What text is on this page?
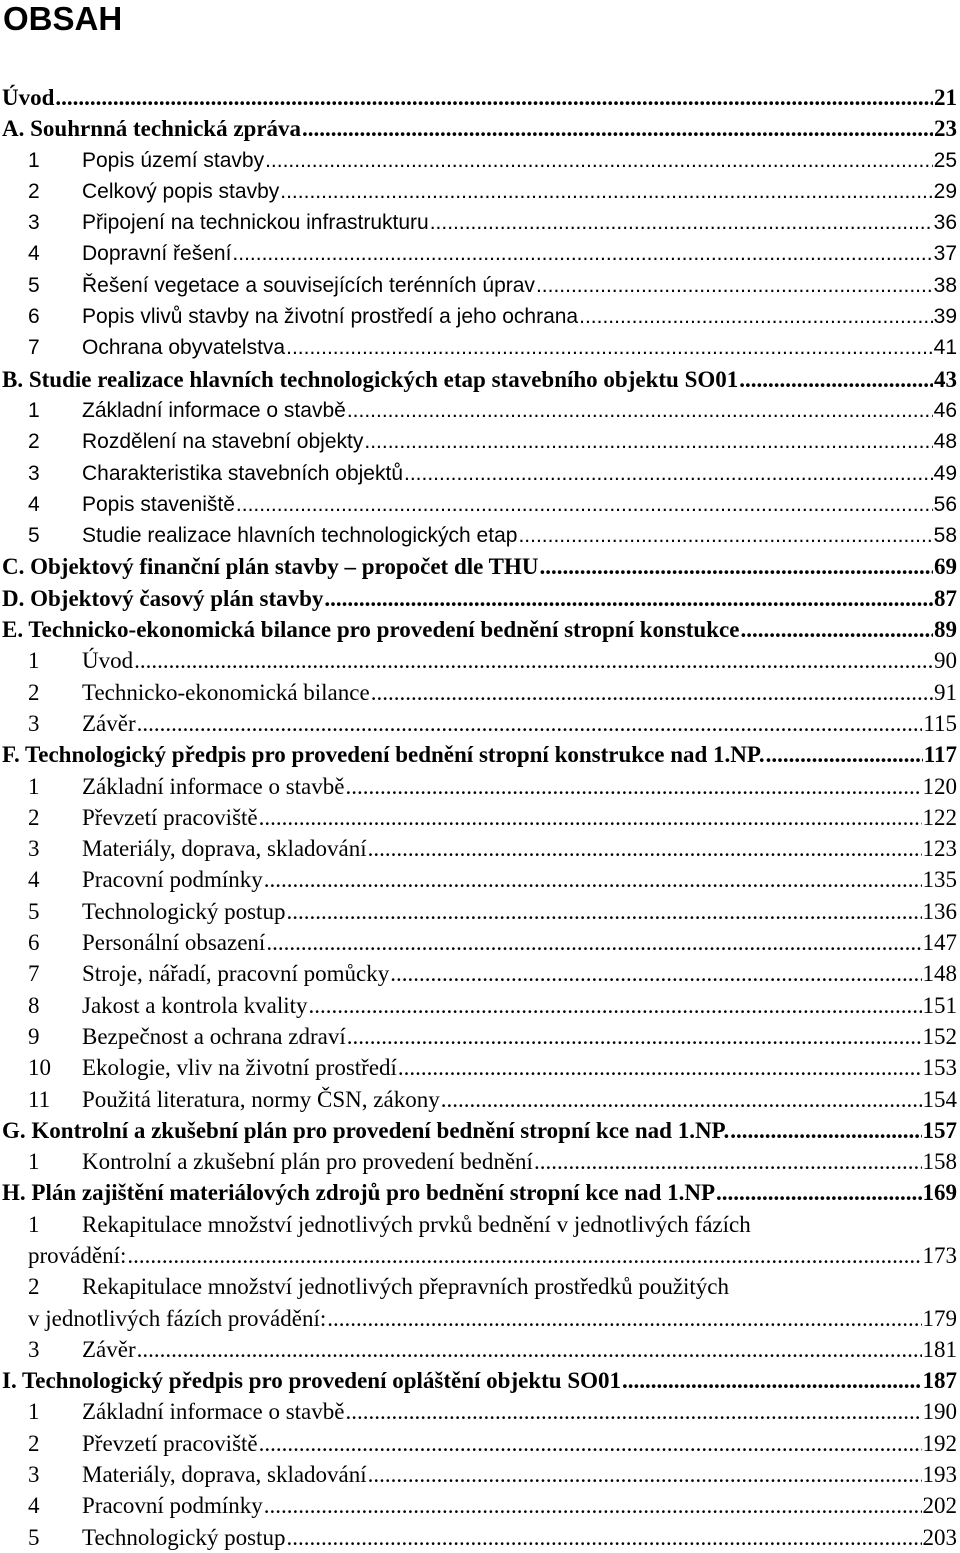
OBSAH
Úvod .....	21
A. Souhrnná technická zpráva .....	23
1	Popis území stavby .....	25
2	Celkový popis stavby .....	29
3	Připojení na technickou infrastrukturu .....	36
4	Dopravní řešení .....	37
5	Řešení vegetace a souvisejících terénních úprav .....	38
6	Popis vlivů stavby na životní prostředí a jeho ochrana .....	39
7	Ochrana obyvatelstva .....	41
B. Studie realizace hlavních technologických etap stavebního objektu SO01 .....	43
1	Základní informace o stavbě .....	46
2	Rozdělení na stavební objekty .....	48
3	Charakteristika stavebních objektů .....	49
4	Popis staveniště .....	56
5	Studie realizace hlavních technologických etap .....	58
C. Objektový finanční plán stavby – propočet dle THU .....	69
D. Objektový časový plán stavby .....	87
E. Technicko-ekonomická bilance pro provedení bednění stropní konstukce .....	89
1	Úvod .....	90
2	Technicko-ekonomická bilance .....	91
3	Závěr .....	115
F. Technologický předpis pro provedení bednění stropní konstrukce nad 1.NP. .....	117
1	Základní informace o stavbě .....	120
2	Převzetí pracoviště .....	122
3	Materiály, doprava, skladování .....	123
4	Pracovní podmínky .....	135
5	Technologický postup .....	136
6	Personální obsazení .....	147
7	Stroje, nářadí, pracovní pomůcky .....	148
8	Jakost a kontrola kvality .....	151
9	Bezpečnost a ochrana zdraví .....	152
10	Ekologie, vliv na životní prostředí .....	153
11	Použitá literatura, normy ČSN, zákony .....	154
G. Kontrolní a zkušební plán pro provedení bednění stropní kce nad 1.NP. .....	157
1	Kontrolní a zkušební plán pro provedení bednění .....	158
H. Plán zajištění materiálových zdrojů pro bednění stropní kce nad 1.NP .....	169
1 Rekapitulace množství jednotlivých prvků bednění v jednotlivých fázích
provádění: .....	173
2 Rekapitulace množství jednotlivých přepravních prostředků použitých
v jednotlivých fázích provádění: .....	179
3	Závěr .....	181
I. Technologický předpis pro provedení opláštění objektu SO01 .....	187
1	Základní informace o stavbě .....	190
2	Převzetí pracoviště .....	192
3	Materiály, doprava, skladování .....	193
4	Pracovní podmínky .....	202
5	Technologický postup .....	203
